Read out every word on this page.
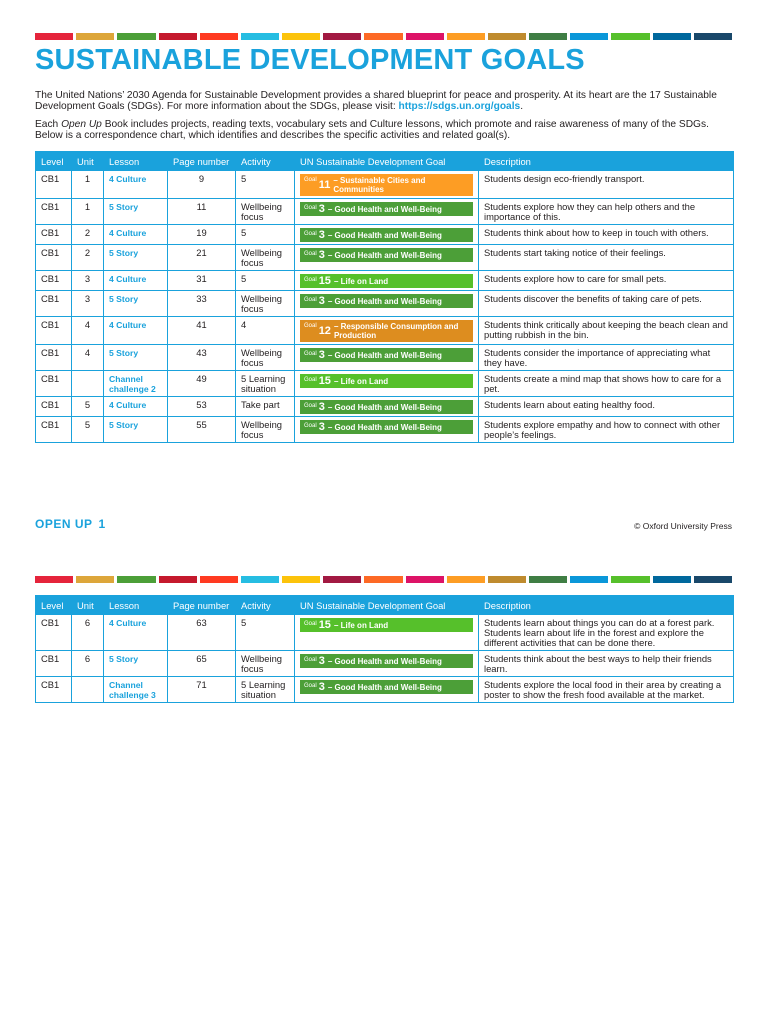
SUSTAINABLE DEVELOPMENT GOALS

The United Nations’ 2030 Agenda for Sustainable Development provides a shared blueprint for peace and prosperity. At its heart are the 17 Sustainable Development Goals (SDGs). For more information about the SDGs, please visit: https://sdgs.un.org/goals.

Each Open Up Book includes projects, reading texts, vocabulary sets and Culture lessons, which promote and raise awareness of many of the SDGs. Below is a correspondence chart, which identifies and describes the specific activities and related goal(s).

Level	Unit	Lesson	Page number	Activity	UN Sustainable Development Goal	Description
CB1	1	4 Culture	9	5	Goal 11 – Sustainable Cities and Communities	Students design eco-friendly transport.
CB1	1	5 Story	11	Wellbeing focus	Goal 3 – Good Health and Well-Being	Students explore how they can help others and the importance of this.
CB1	2	4 Culture	19	5	Goal 3 – Good Health and Well-Being	Students think about how to keep in touch with others.
CB1	2	5 Story	21	Wellbeing focus	Goal 3 – Good Health and Well-Being	Students start taking notice of their feelings.
CB1	3	4 Culture	31	5	Goal 15 – Life on Land	Students explore how to care for small pets.
CB1	3	5 Story	33	Wellbeing focus	Goal 3 – Good Health and Well-Being	Students discover the benefits of taking care of pets.
CB1	4	4 Culture	41	4	Goal 12 – Responsible Consumption and Production	Students think critically about keeping the beach clean and putting rubbish in the bin.
CB1	4	5 Story	43	Wellbeing focus	Goal 3 – Good Health and Well-Being	Students consider the importance of appreciating what they have.
CB1		Channel challenge 2	49	5 Learning situation	Goal 15 – Life on Land	Students create a mind map that shows how to care for a pet.
CB1	5	4 Culture	53	Take part	Goal 3 – Good Health and Well-Being	Students learn about eating healthy food.
CB1	5	5 Story	55	Wellbeing focus	Goal 3 – Good Health and Well-Being	Students explore empathy and how to connect with other people’s feelings.
OPEN UP 1	© Oxford University Press
Level	Unit	Lesson	Page number	Activity	UN Sustainable Development Goal	Description
CB1	6	4 Culture	63	5	Goal 15 – Life on Land	Students learn about things you can do at a forest park. Students learn about life in the forest and explore the different activities that can be done there.
CB1	6	5 Story	65	Wellbeing focus	Goal 3 – Good Health and Well-Being	Students think about the best ways to help their friends learn.
CB1		Channel challenge 3	71	5 Learning situation	Goal 3 – Good Health and Well-Being	Students explore the local food in their area by creating a poster to show the fresh food available at the market.
